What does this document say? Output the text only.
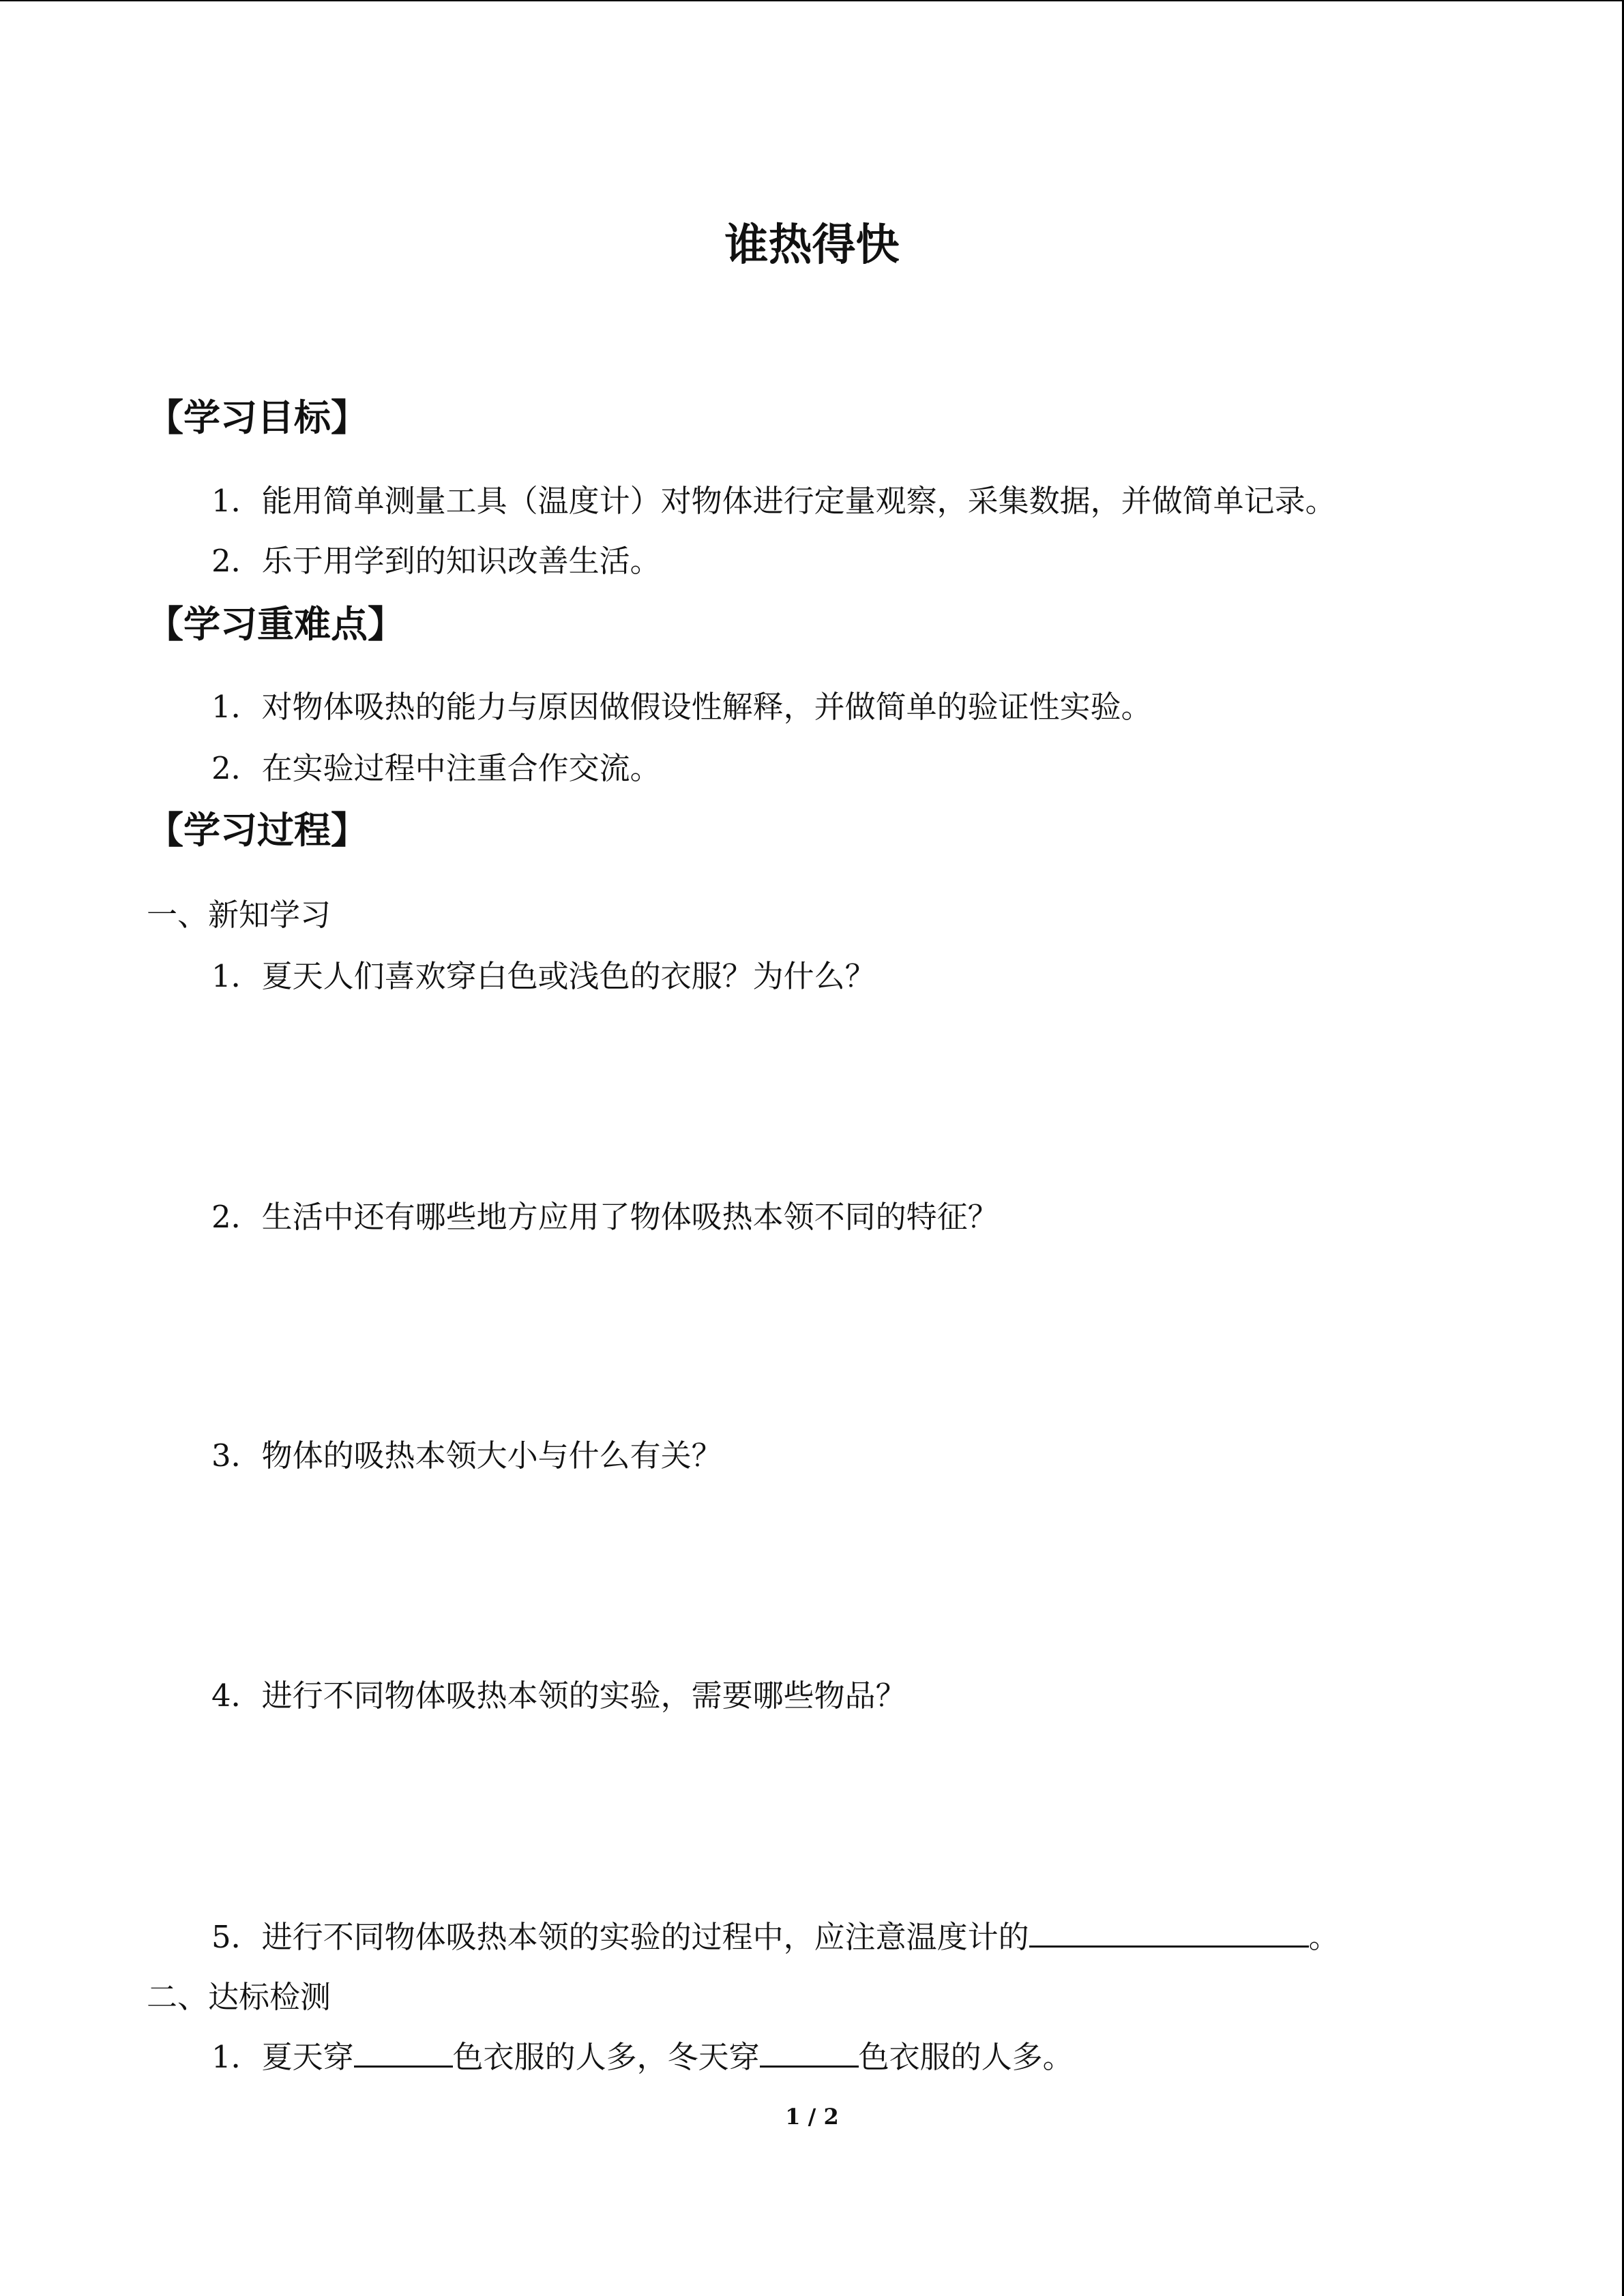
谁热得快
【学习目标】
1．能用简单测量工具（温度计）对物体进行定量观察，采集数据，并做简单记录。
2．乐于用学到的知识改善生活。
【学习重难点】
1．对物体吸热的能力与原因做假设性解释，并做简单的验证性实验。
2．在实验过程中注重合作交流。
【学习过程】
一、新知学习
1．夏天人们喜欢穿白色或浅色的衣服？为什么？
2．生活中还有哪些地方应用了物体吸热本领不同的特征？
3．物体的吸热本领大小与什么有关？
4．进行不同物体吸热本领的实验，需要哪些物品？
5．进行不同物体吸热本领的实验的过程中，应注意温度计的	。
二、达标检测
1．夏天穿	色衣服的人多，冬天穿	色衣服的人多。
1 / 2
